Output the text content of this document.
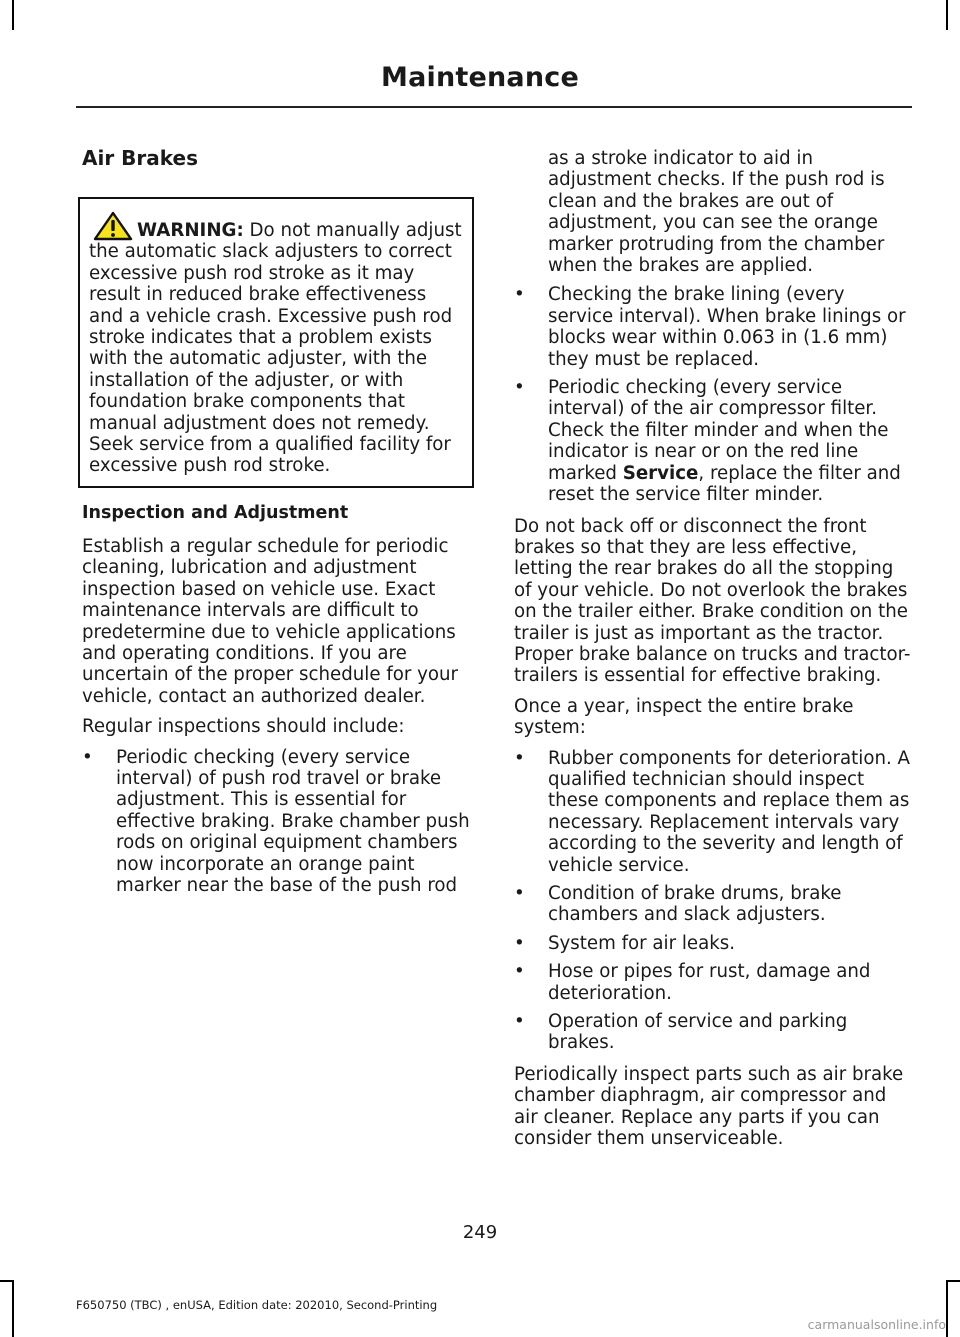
Maintenance
Air Brakes
WARNING: Do not manually adjust the automatic slack adjusters to correct excessive push rod stroke as it may result in reduced brake effectiveness and a vehicle crash. Excessive push rod stroke indicates that a problem exists with the automatic adjuster, with the installation of the adjuster, or with foundation brake components that manual adjustment does not remedy. Seek service from a qualified facility for excessive push rod stroke.
Inspection and Adjustment

Establish a regular schedule for periodic cleaning, lubrication and adjustment inspection based on vehicle use. Exact maintenance intervals are difficult to predetermine due to vehicle applications and operating conditions. If you are uncertain of the proper schedule for your vehicle, contact an authorized dealer.

Regular inspections should include:

• Periodic checking (every service interval) of push rod travel or brake adjustment. This is essential for effective braking. Brake chamber push rods on original equipment chambers now incorporate an orange paint marker near the base of the push rod
as a stroke indicator to aid in adjustment checks. If the push rod is clean and the brakes are out of adjustment, you can see the orange marker protruding from the chamber when the brakes are applied.
• Checking the brake lining (every service interval). When brake linings or blocks wear within 0.063 in (1.6 mm) they must be replaced.
• Periodic checking (every service interval) of the air compressor filter. Check the filter minder and when the indicator is near or on the red line marked Service, replace the filter and reset the service filter minder.

Do not back off or disconnect the front brakes so that they are less effective, letting the rear brakes do all the stopping of your vehicle. Do not overlook the brakes on the trailer either. Brake condition on the trailer is just as important as the tractor. Proper brake balance on trucks and tractor-trailers is essential for effective braking.

Once a year, inspect the entire brake system:

• Rubber components for deterioration. A qualified technician should inspect these components and replace them as necessary. Replacement intervals vary according to the severity and length of vehicle service.
• Condition of brake drums, brake chambers and slack adjusters.
• System for air leaks.
• Hose or pipes for rust, damage and deterioration.
• Operation of service and parking brakes.

Periodically inspect parts such as air brake chamber diaphragm, air compressor and air cleaner. Replace any parts if you can consider them unserviceable.

249
F650750 (TBC) , enUSA, Edition date: 202010, Second-Printing
carmanualsonline.info
